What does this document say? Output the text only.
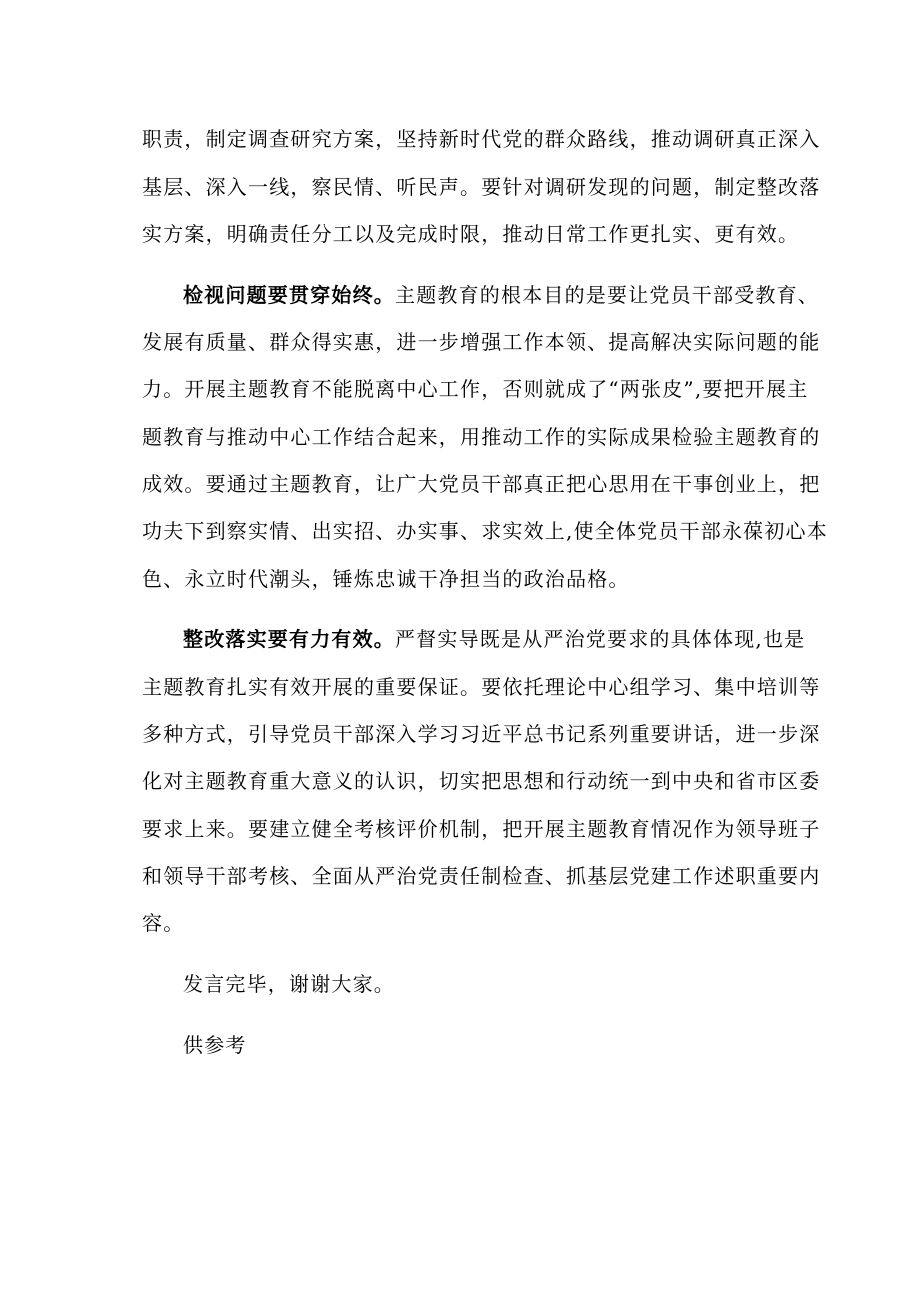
职责，制定调查研究方案，坚持新时代党的群众路线，推动调研真正深入
基层、深入一线，察民情、听民声。要针对调研发现的问题，制定整改落
实方案，明确责任分工以及完成时限，推动日常工作更扎实、更有效。
检视问题要贯穿始终。主题教育的根本目的是要让党员干部受教育、
发展有质量、群众得实惠，进一步增强工作本领、提高解决实际问题的能
力。开展主题教育不能脱离中心工作，否则就成了“两张皮”,要把开展主
题教育与推动中心工作结合起来，用推动工作的实际成果检验主题教育的
成效。要通过主题教育，让广大党员干部真正把心思用在干事创业上，把
功夫下到察实情、出实招、办实事、求实效上,使全体党员干部永葆初心本
色、永立时代潮头，锤炼忠诚干净担当的政治品格。
整改落实要有力有效。严督实导既是从严治党要求的具体体现,也是
主题教育扎实有效开展的重要保证。要依托理论中心组学习、集中培训等
多种方式，引导党员干部深入学习习近平总书记系列重要讲话，进一步深
化对主题教育重大意义的认识，切实把思想和行动统一到中央和省市区委
要求上来。要建立健全考核评价机制，把开展主题教育情况作为领导班子
和领导干部考核、全面从严治党责任制检查、抓基层党建工作述职重要内
容。
发言完毕，谢谢大家。
供参考
